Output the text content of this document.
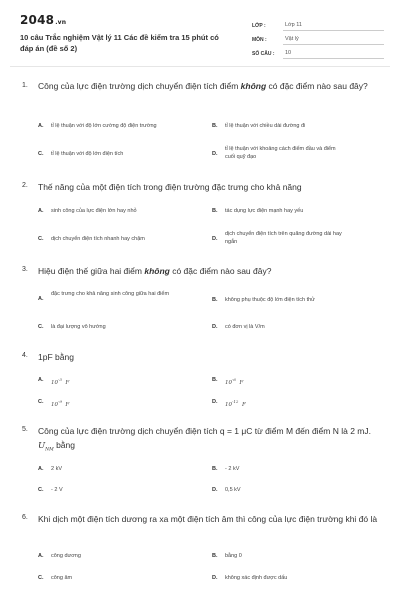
2048.vn
10 câu Trắc nghiệm Vật lý 11 Các đề kiểm tra 15 phút có đáp án (đề số 2)
LỚP :	Lớp 11
MÔN :	Vật lý
SỐ CÂU :	10
1. Công của lực điện trường dịch chuyển điện tích điểm không có đặc điểm nào sau đây?
A. tỉ lệ thuận với độ lớn cường độ điện trường	B. tỉ lệ thuận với chiều dài đường đi
C. tỉ lệ thuận với độ lớn điện tích	D.
tỉ lệ thuận với khoảng cách điểm đầu và điểm cuối quỹ đạo
2. Thế năng của một điện tích trong điện trường đặc trưng cho khả năng
A. sinh công của lực điện lớn hay nhỏ	B. tác dụng lực điện mạnh hay yếu
C. dịch chuyển điện tích nhanh hay chậm	D.
dịch chuyển điện tích trên quãng đường dài hay ngắn
3. Hiệu điện thế giữa hai điểm không có đặc điểm nào sau đây?
A.
đặc trưng cho khả năng sinh công giữa hai điểm
B. không phụ thuộc độ lớn điện tích thử
C. là đại lượng vô hướng	D. có đơn vị là V/m
4. 1pF bằng
A. $10^{-3}$  F	B. $10^{-6}$  F
C. $10^{-9}$  F	D. $10^{-12}$  F
5. Công của lực điện trường dịch chuyển điện tích q = 1 μC từ điểm M đến điểm N là 2 mJ. $U_{NM}$ bằng
A. 2 kV	B. - 2 kV
C. - 2 V	D. 0,5 kV
6. Khi dịch một điện tích dương ra xa một điện tích âm thì công của lực điện trường khi đó là
A. công dương	B. bằng 0
C. công âm	D. không xác định được dấu
